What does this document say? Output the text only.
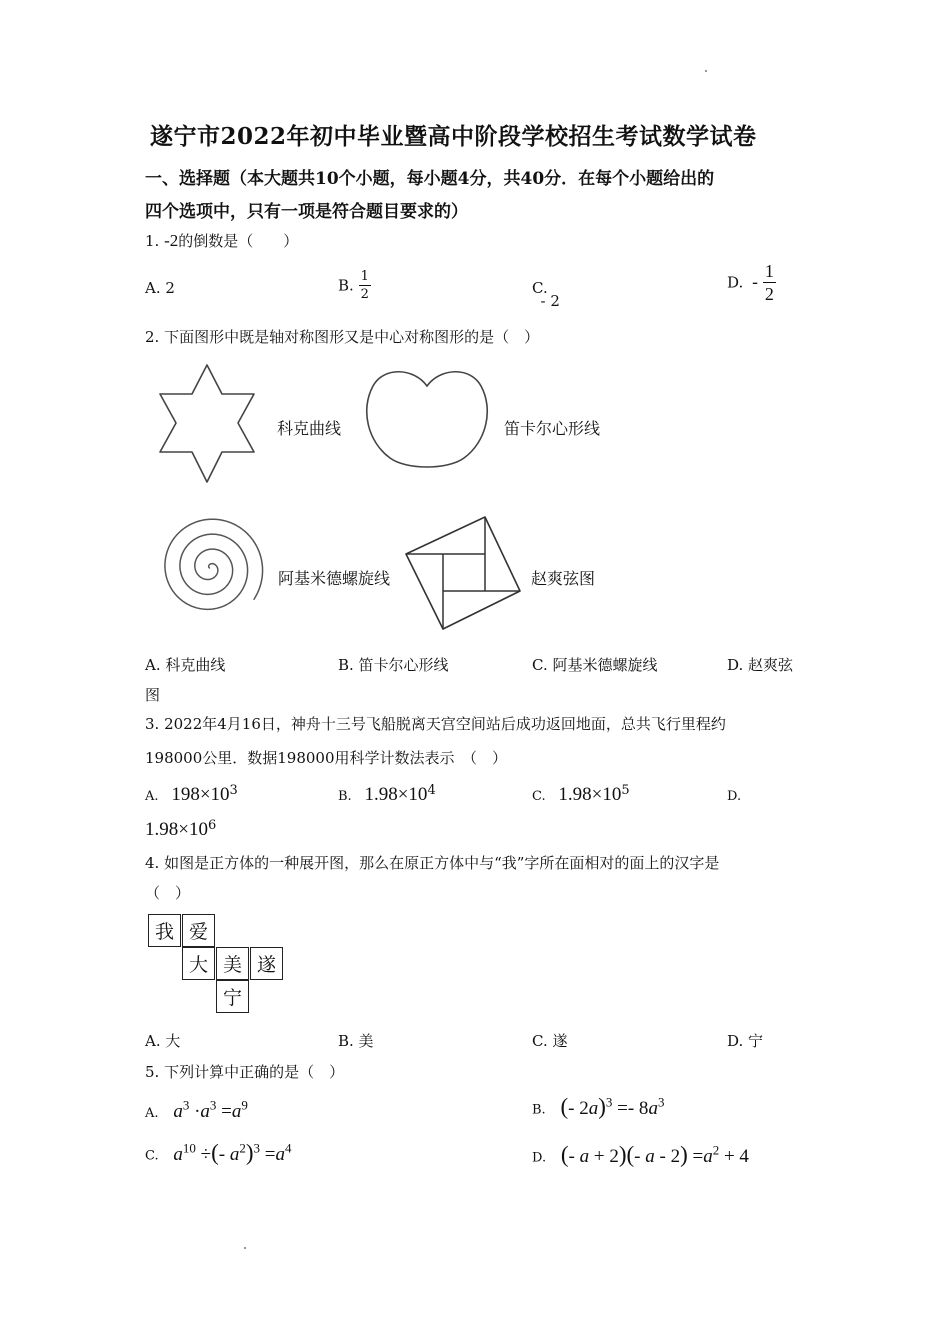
遂宁市2022年初中毕业暨高中阶段学校招生考试数学试卷
一、选择题（本大题共10个小题，每小题4分，共40分．在每个小题给出的
四个选项中，只有一项是符合题目要求的）
1. -2的倒数是（　　）
A. 2	B. $\frac{1}{2}$	C. - 2
D. - $\frac{1}{2}$
2. 下面图形中既是轴对称图形又是中心对称图形的是（　）
科克曲线	笛卡尔心形线
阿基米德螺旋线	赵爽弦图
A. 科克曲线	B. 笛卡尔心形线	C. 阿基米德螺旋线	D. 赵爽弦
图
3. 2022年4月16日，神舟十三号飞船脱离天宫空间站后成功返回地面，总共飞行里程约
198000公里．数据198000用科学计数法表示　（　）
A. $198\times 10^3$	B. $1.98\times 10^4$	C. $1.98\times 10^5$	D.
$1.98\times 10^6$
4. 如图是正方体的一种展开图，那么在原正方体中与“我”字所在面相对的面上的汉字是
（　）
我 爱
大 美 遂
宁
A. 大	B. 美	C. 遂	D. 宁
5. 下列计算中正确的是（　）
A. $a^3 \cdot a^3 =a^9$	B. (- $2a)^3 =- 8a^3$
C. $a^{10}$ ÷(- $a^2)^3 =a^4$
D. (- a + 2)(- $a - 2) =a^2 + 4$
